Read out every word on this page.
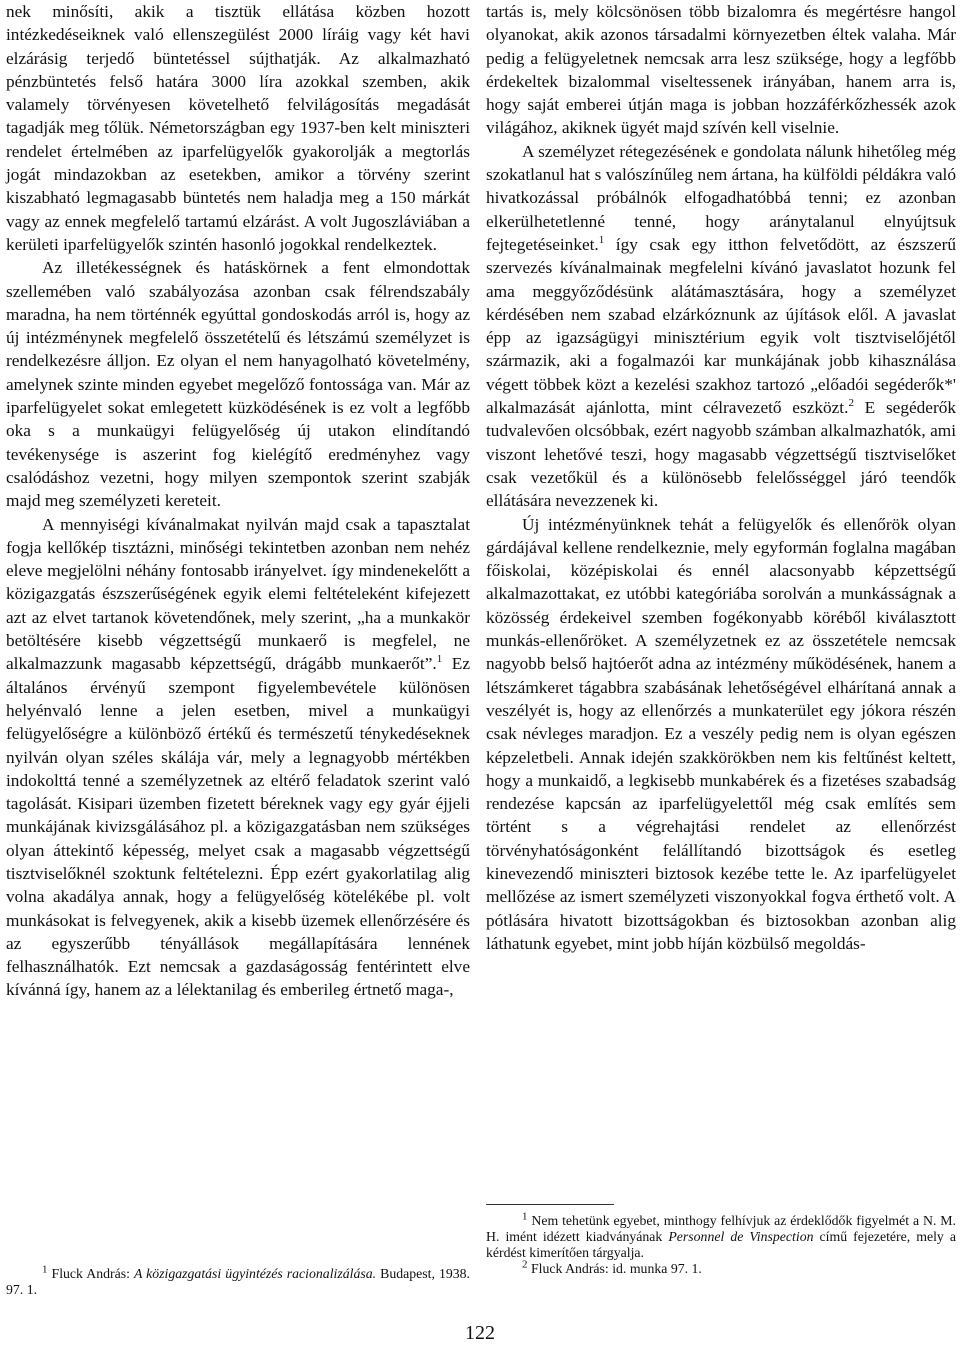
nek minősíti, akik a tisztük ellátása közben hozott intézkedéseiknek való ellenszegülést 2000 líráig vagy két havi elzárásig terjedő büntetéssel sújthatják. Az alkalmazható pénzbüntetés felső határa 3000 líra azokkal szemben, akik valamely törvényesen követelhető felvilágosítás megadását tagadják meg tőlük. Németországban egy 1937-ben kelt miniszteri rendelet értelmében az iparfelügyelők gyakorolják a megtorlás jogát mindazokban az esetekben, amikor a törvény szerint kiszabható legmagasabb büntetés nem haladja meg a 150 márkát vagy az ennek megfelelő tartamú elzárást. A volt Jugoszláviában a kerületi iparfelügyelők szintén hasonló jogokkal rendelkeztek.

Az illetékességnek és hatáskörnek a fent elmondottak szellemében való szabályozása azonban csak félrendszabály maradna, ha nem történnék egyúttal gondoskodás arról is, hogy az új intézménynek megfelelő összetételű és létszámú személyzet is rendelkezésre álljon. Ez olyan el nem hanyagolható követelmény, amelynek szinte minden egyebet megelőző fontossága van. Már az iparfelügyelet sokat emlegetett küzködésének is ez volt a legfőbb oka s a munkaügyi felügyelőség új utakon elindítandó tevékenysége is aszerint fog kielégítő eredményhez vagy csalódáshoz vezetni, hogy milyen szempontok szerint szabják majd meg személyzeti kereteit.

A mennyiségi kívánalmakat nyilván majd csak a tapasztalat fogja kellőkép tisztázni, minőségi tekintetben azonban nem nehéz eleve megjelölni néhány fontosabb irányelvet. így mindenekelőtt a közigazgatás észszerűségének egyik elemi feltételeként kifejezett azt az elvet tartanok követendőnek, mely szerint, „ha a munkakör betöltésére kisebb végzettségű munkaerő is megfelel, ne alkalmazzunk magasabb képzettségű, drágább munkaerőt”.$^1$ Ez általános érvényű szempont figyelembevétele különösen helyénvaló lenne a jelen esetben, mivel a munkaügyi felügyelőségre a különböző értékű és természetű ténykedéseknek nyilván olyan széles skálája vár, mely a legnagyobb mértékben indokolttá tenné a személyzetnek az eltérő feladatok szerint való tagolását. Kisipari üzemben fizetett béreknek vagy egy gyár éjjeli munkájának kivizsgálásához pl. a közigazgatásban nem szükséges olyan áttekintő képesség, melyet csak a magasabb végzettségű tisztviselőknél szoktunk feltételezni. Épp ezért gyakorlatilag alig volna akadálya annak, hogy a felügyelőség kötelékébe pl. volt munkásokat is felvegyenek, akik a kisebb üzemek ellenőrzésére és az egyszerűbb tényállások megállapítására lennének felhasználhatók. Ezt nemcsak a gazdaságosság fentérintett elve kívánná így, hanem az a lélektanilag és emberileg értnető maga-,

$^1$ Fluck András: A közigazgatási ügyintézés racionalizálása. Budapest, 1938. 97. 1.

tartás is, mely kölcsönösen több bizalomra és megértésre hangol olyanokat, akik azonos társadalmi környezetben éltek valaha. Már pedig a felügyeletnek nemcsak arra lesz szüksége, hogy a legfőbb érdekeltek bizalommal viseltessenek irányában, hanem arra is, hogy saját emberei útján maga is jobban hozzáférkőzhessék azok világához, akiknek ügyét majd szívén kell viselnie.

A személyzet rétegezésének e gondolata nálunk hihetőleg még szokatlanul hat s valószínűleg nem ártana, ha külföldi példákra való hivatkozással próbálnók elfogadhatóbbá tenni; ez azonban elkerülhetetlenné tenné, hogy aránytalanul elnyújtsuk fejtegetéseinket.$^1$ így csak egy itthon felvetődött, az észszerű szervezés kívánalmainak megfelelni kívánó javaslatot hozunk fel ama meggyőződésünk alátámasztására, hogy a személyzet kérdésében nem szabad elzárkóznunk az újítások elől. A javaslat épp az igazságügyi minisztérium egyik volt tisztviselőjétől származik, aki a fogalmazói kar munkájának jobb kihasználása végett többek közt a kezelési szakhoz tartozó „előadói segéderők*' alkalmazását ajánlotta, mint célravezető eszközt.$^2$ E segéderők tudvalevően olcsóbbak, ezért nagyobb számban alkalmazhatók, ami viszont lehetővé teszi, hogy magasabb végzettségű tisztviselőket csak vezetőkül és a különösebb felelősséggel járó teendők ellátására nevezzenek ki.

Új intézményünknek tehát a felügyelők és ellenőrök olyan gárdájával kellene rendelkeznie, mely egyformán foglalna magában főiskolai, középiskolai és ennél alacsonyabb képzettségű alkalmazottakat, ez utóbbi kategóriába sorolván a munkásságnak a közösség érdekeivel szemben fogékonyabb köréből kiválasztott munkás-ellenőröket. A személyzetnek ez az összetétele nemcsak nagyobb belső hajtóerőt adna az intézmény működésének, hanem a létszámkeret tágabbra szabásának lehetőségével elhárítaná annak a veszélyét is, hogy az ellenőrzés a munkaterület egy jókora részén csak névleges maradjon. Ez a veszély pedig nem is olyan egészen képzeletbeli. Annak idején szakkörökben nem kis feltűnést keltett, hogy a munkaidő, a legkisebb munkabérek és a fizetéses szabadság rendezése kapcsán az iparfelügyelettől még csak említés sem történt s a végrehajtási rendelet az ellenőrzést törvényhatóságonként felállítandó bizottságok és esetleg kinevezendő miniszteri biztosok kezébe tette le. Az iparfelügyelet mellőzése az ismert személyzeti viszonyokkal fogva érthető volt. A pótlására hivatott bizottságokban és biztosokban azonban alig láthatunk egyebet, mint jobb híján közbülső megoldás-

$^1$ Nem tehetünk egyebet, minthogy felhívjuk az érdeklődők figyelmét a N. M. H. imént idézett kiadványának Personnel de Vinspection című fejezetére, mely a kérdést kimerítően tárgyalja.

$^2$ Fluck András: id. munka 97. 1.

122
